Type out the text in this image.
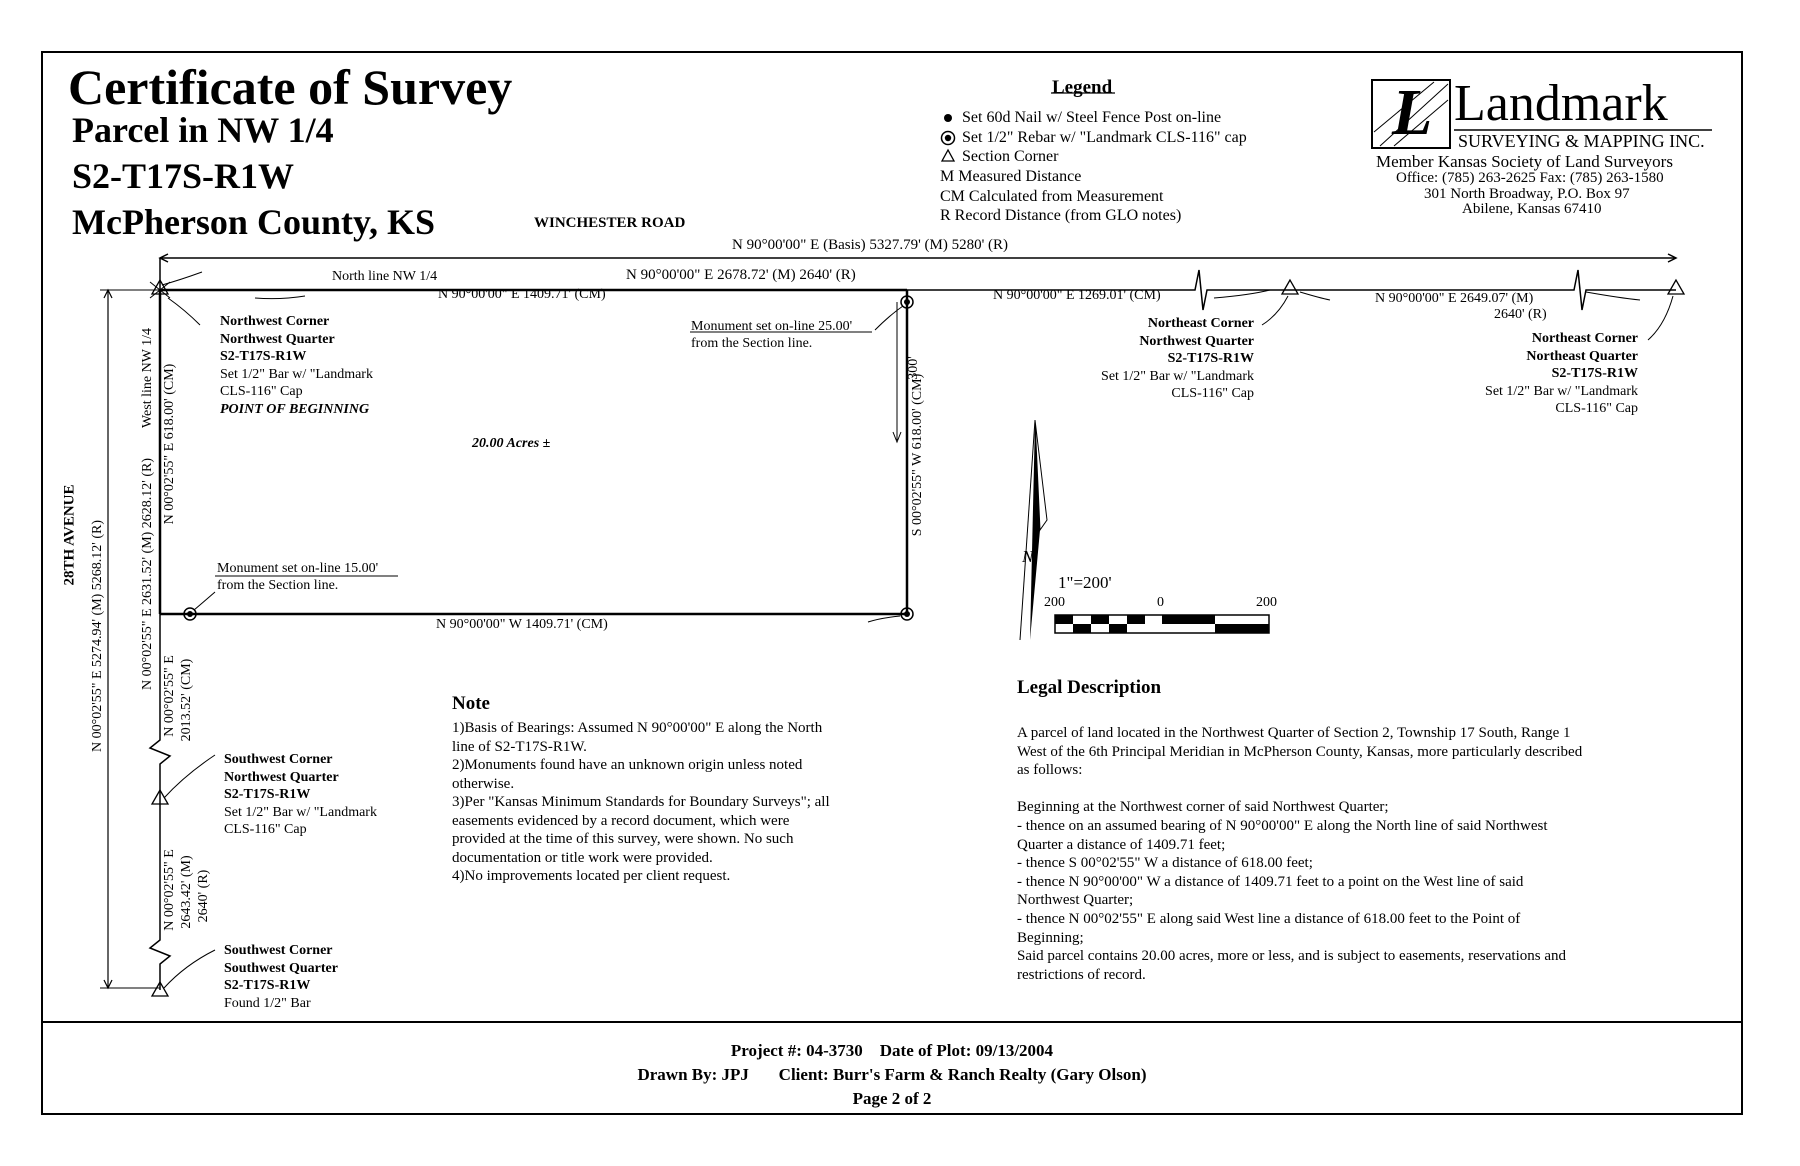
Certificate of Survey
Parcel in NW 1/4
S2-T17S-R1W
McPherson County, KS	WINCHESTER ROAD
Legend
Set 60d Nail w/ Steel Fence Post on-line
Set 1/2" Rebar w/ "Landmark CLS-116" cap
Section Corner
M Measured Distance
CM Calculated from Measurement
R Record Distance (from GLO notes)
L Landmark
SURVEYING & MAPPING INC.
Member Kansas Society of Land Surveyors
Office: (785) 263-2625 Fax: (785) 263-1580
301 North Broadway, P.O. Box 97
Abilene, Kansas 67410
N 90°00'00" E (Basis) 5327.79' (M) 5280' (R)
North line NW 1/4	N 90°00'00" E 2678.72' (M) 2640' (R)
N 90°00'00" E 1409.71' (CM)	N 90°00'00" E 1269.01' (CM)	N 90°00'00" E 2649.07' (M)
2640' (R)
N 90°00'00" W 1409.71' (CM)
300'
S 00°02'55" W 618.00' (CM)
N 00°02'55" E 618.00' (CM)
West line NW 1/4
N 00°02'55" E 2631.52' (M) 2628.12' (R)
N 00°02'55" E 5274.94' (M) 5268.12' (R)
28TH AVENUE
N 00°02'55" E 2013.52' (CM)
N 00°02'55" E 2643.42' (M) 2640' (R)
Northwest Corner
Northwest Quarter
S2-T17S-R1W
Set 1/2" Bar w/ "Landmark
CLS-116" Cap
POINT OF BEGINNING
Northeast Corner
Northwest Quarter
S2-T17S-R1W
Set 1/2" Bar w/ "Landmark
CLS-116" Cap
Northeast Corner
Northeast Quarter
S2-T17S-R1W
Set 1/2" Bar w/ "Landmark
CLS-116" Cap
Southwest Corner
Northwest Quarter
S2-T17S-R1W
Set 1/2" Bar w/ "Landmark
CLS-116" Cap
Southwest Corner
Southwest Quarter
S2-T17S-R1W
Found 1/2" Bar
Monument set on-line 25.00'
from the Section line.
Monument set on-line 15.00'
from the Section line.
20.00 Acres ±
N
1"=200'
200	0	200
Note
1)Basis of Bearings: Assumed N 90°00'00" E along the North
line of S2-T17S-R1W.
2)Monuments found have an unknown origin unless noted
otherwise.
3)Per "Kansas Minimum Standards for Boundary Surveys"; all
easements evidenced by a record document, which were
provided at the time of this survey, were shown. No such
documentation or title work were provided.
4)No improvements located per client request.
Legal Description
A parcel of land located in the Northwest Quarter of Section 2, Township 17 South, Range 1
West of the 6th Principal Meridian in McPherson County, Kansas, more particularly described
as follows:
Beginning at the Northwest corner of said Northwest Quarter;
- thence on an assumed bearing of N 90°00'00" E along the North line of said Northwest
Quarter a distance of 1409.71 feet;
- thence S 00°02'55" W a distance of 618.00 feet;
- thence N 90°00'00" W a distance of 1409.71 feet to a point on the West line of said
Northwest Quarter;
- thence N 00°02'55" E along said West line a distance of 618.00 feet to the Point of
Beginning;
Said parcel contains 20.00 acres, more or less, and is subject to easements, reservations and
restrictions of record.
Project #: 04-3730    Date of Plot: 09/13/2004
Drawn By: JPJ       Client: Burr's Farm & Ranch Realty (Gary Olson)
Page 2 of 2
